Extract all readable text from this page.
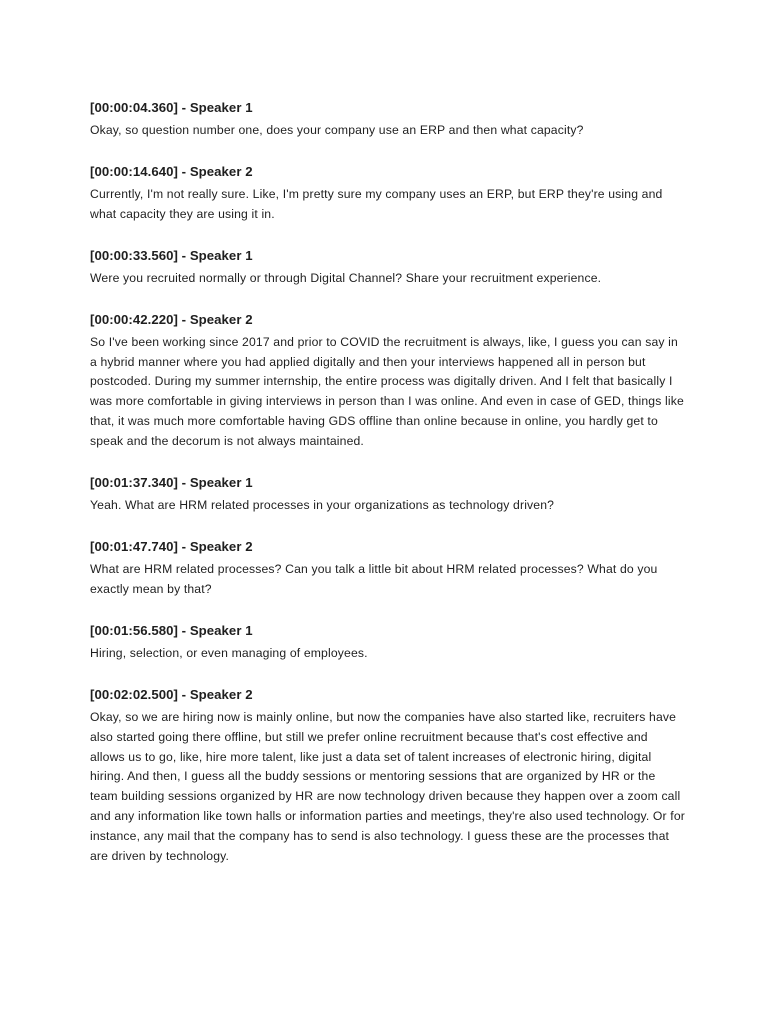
[00:00:04.360] - Speaker 1

Okay, so question number one, does your company use an ERP and then what capacity?

[00:00:14.640] - Speaker 2

Currently, I'm not really sure. Like, I'm pretty sure my company uses an ERP, but ERP they're using and what capacity they are using it in.

[00:00:33.560] - Speaker 1

Were you recruited normally or through Digital Channel? Share your recruitment experience.

[00:00:42.220] - Speaker 2

So I've been working since 2017 and prior to COVID the recruitment is always, like, I guess you can say in a hybrid manner where you had applied digitally and then your interviews happened all in person but postcoded. During my summer internship, the entire process was digitally driven. And I felt that basically I was more comfortable in giving interviews in person than I was online. And even in case of GED, things like that, it was much more comfortable having GDS offline than online because in online, you hardly get to speak and the decorum is not always maintained.

[00:01:37.340] - Speaker 1

Yeah. What are HRM related processes in your organizations as technology driven?

[00:01:47.740] - Speaker 2

What are HRM related processes? Can you talk a little bit about HRM related processes? What do you exactly mean by that?

[00:01:56.580] - Speaker 1

Hiring, selection, or even managing of employees.

[00:02:02.500] - Speaker 2

Okay, so we are hiring now is mainly online, but now the companies have also started like, recruiters have also started going there offline, but still we prefer online recruitment because that's cost effective and allows us to go, like, hire more talent, like just a data set of talent increases of electronic hiring, digital hiring. And then, I guess all the buddy sessions or mentoring sessions that are organized by HR or the team building sessions organized by HR are now technology driven because they happen over a zoom call and any information like town halls or information parties and meetings, they're also used technology. Or for instance, any mail that the company has to send is also technology. I guess these are the processes that are driven by technology.
